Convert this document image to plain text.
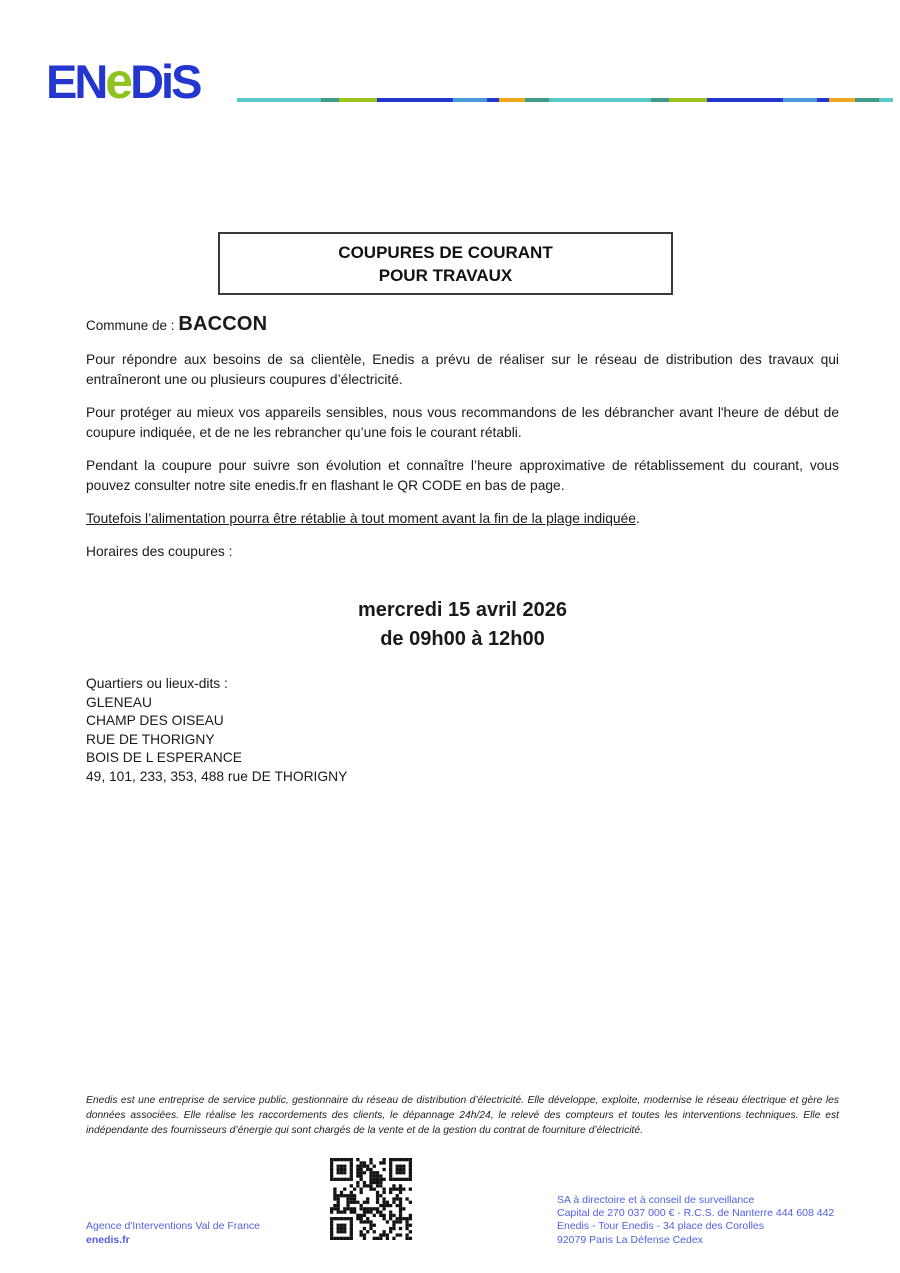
ENeDiS
COUPURES DE COURANT
POUR TRAVAUX
Commune de : BACCON

Pour répondre aux besoins de sa clientèle, Enedis a prévu de réaliser sur le réseau de distribution des travaux qui entraîneront une ou plusieurs coupures d’électricité.

Pour protéger au mieux vos appareils sensibles, nous vous recommandons de les débrancher avant l'heure de début de coupure indiquée, et de ne les rebrancher qu’une fois le courant rétabli.

Pendant la coupure pour suivre son évolution et connaître l’heure approximative de rétablissement du courant, vous pouvez consulter notre site enedis.fr en flashant le QR CODE en bas de page.

Toutefois l’alimentation pourra être rétablie à tout moment avant la fin de la plage indiquée.

Horaires des coupures :

mercredi 15 avril 2026
de 09h00 à 12h00
Quartiers ou lieux-dits :
GLENEAU
CHAMP DES OISEAU
RUE DE THORIGNY
BOIS DE L ESPERANCE
49, 101, 233, 353, 488 rue DE THORIGNY
Enedis est une entreprise de service public, gestionnaire du réseau de distribution d’électricité. Elle développe, exploite, modernise le réseau électrique et gère les données associées. Elle réalise les raccordements des clients, le dépannage 24h/24, le relevé des compteurs et toutes les interventions techniques. Elle est indépendante des fournisseurs d’énergie qui sont chargés de la vente et de la gestion du contrat de fourniture d’électricité.
Agence d'Interventions Val de France
enedis.fr
SA à directoire et à conseil de surveillance
Capital de 270 037 000 € - R.C.S. de Nanterre 444 608 442
Enedis - Tour Enedis - 34 place des Corolles
92079 Paris La Défense Cedex
